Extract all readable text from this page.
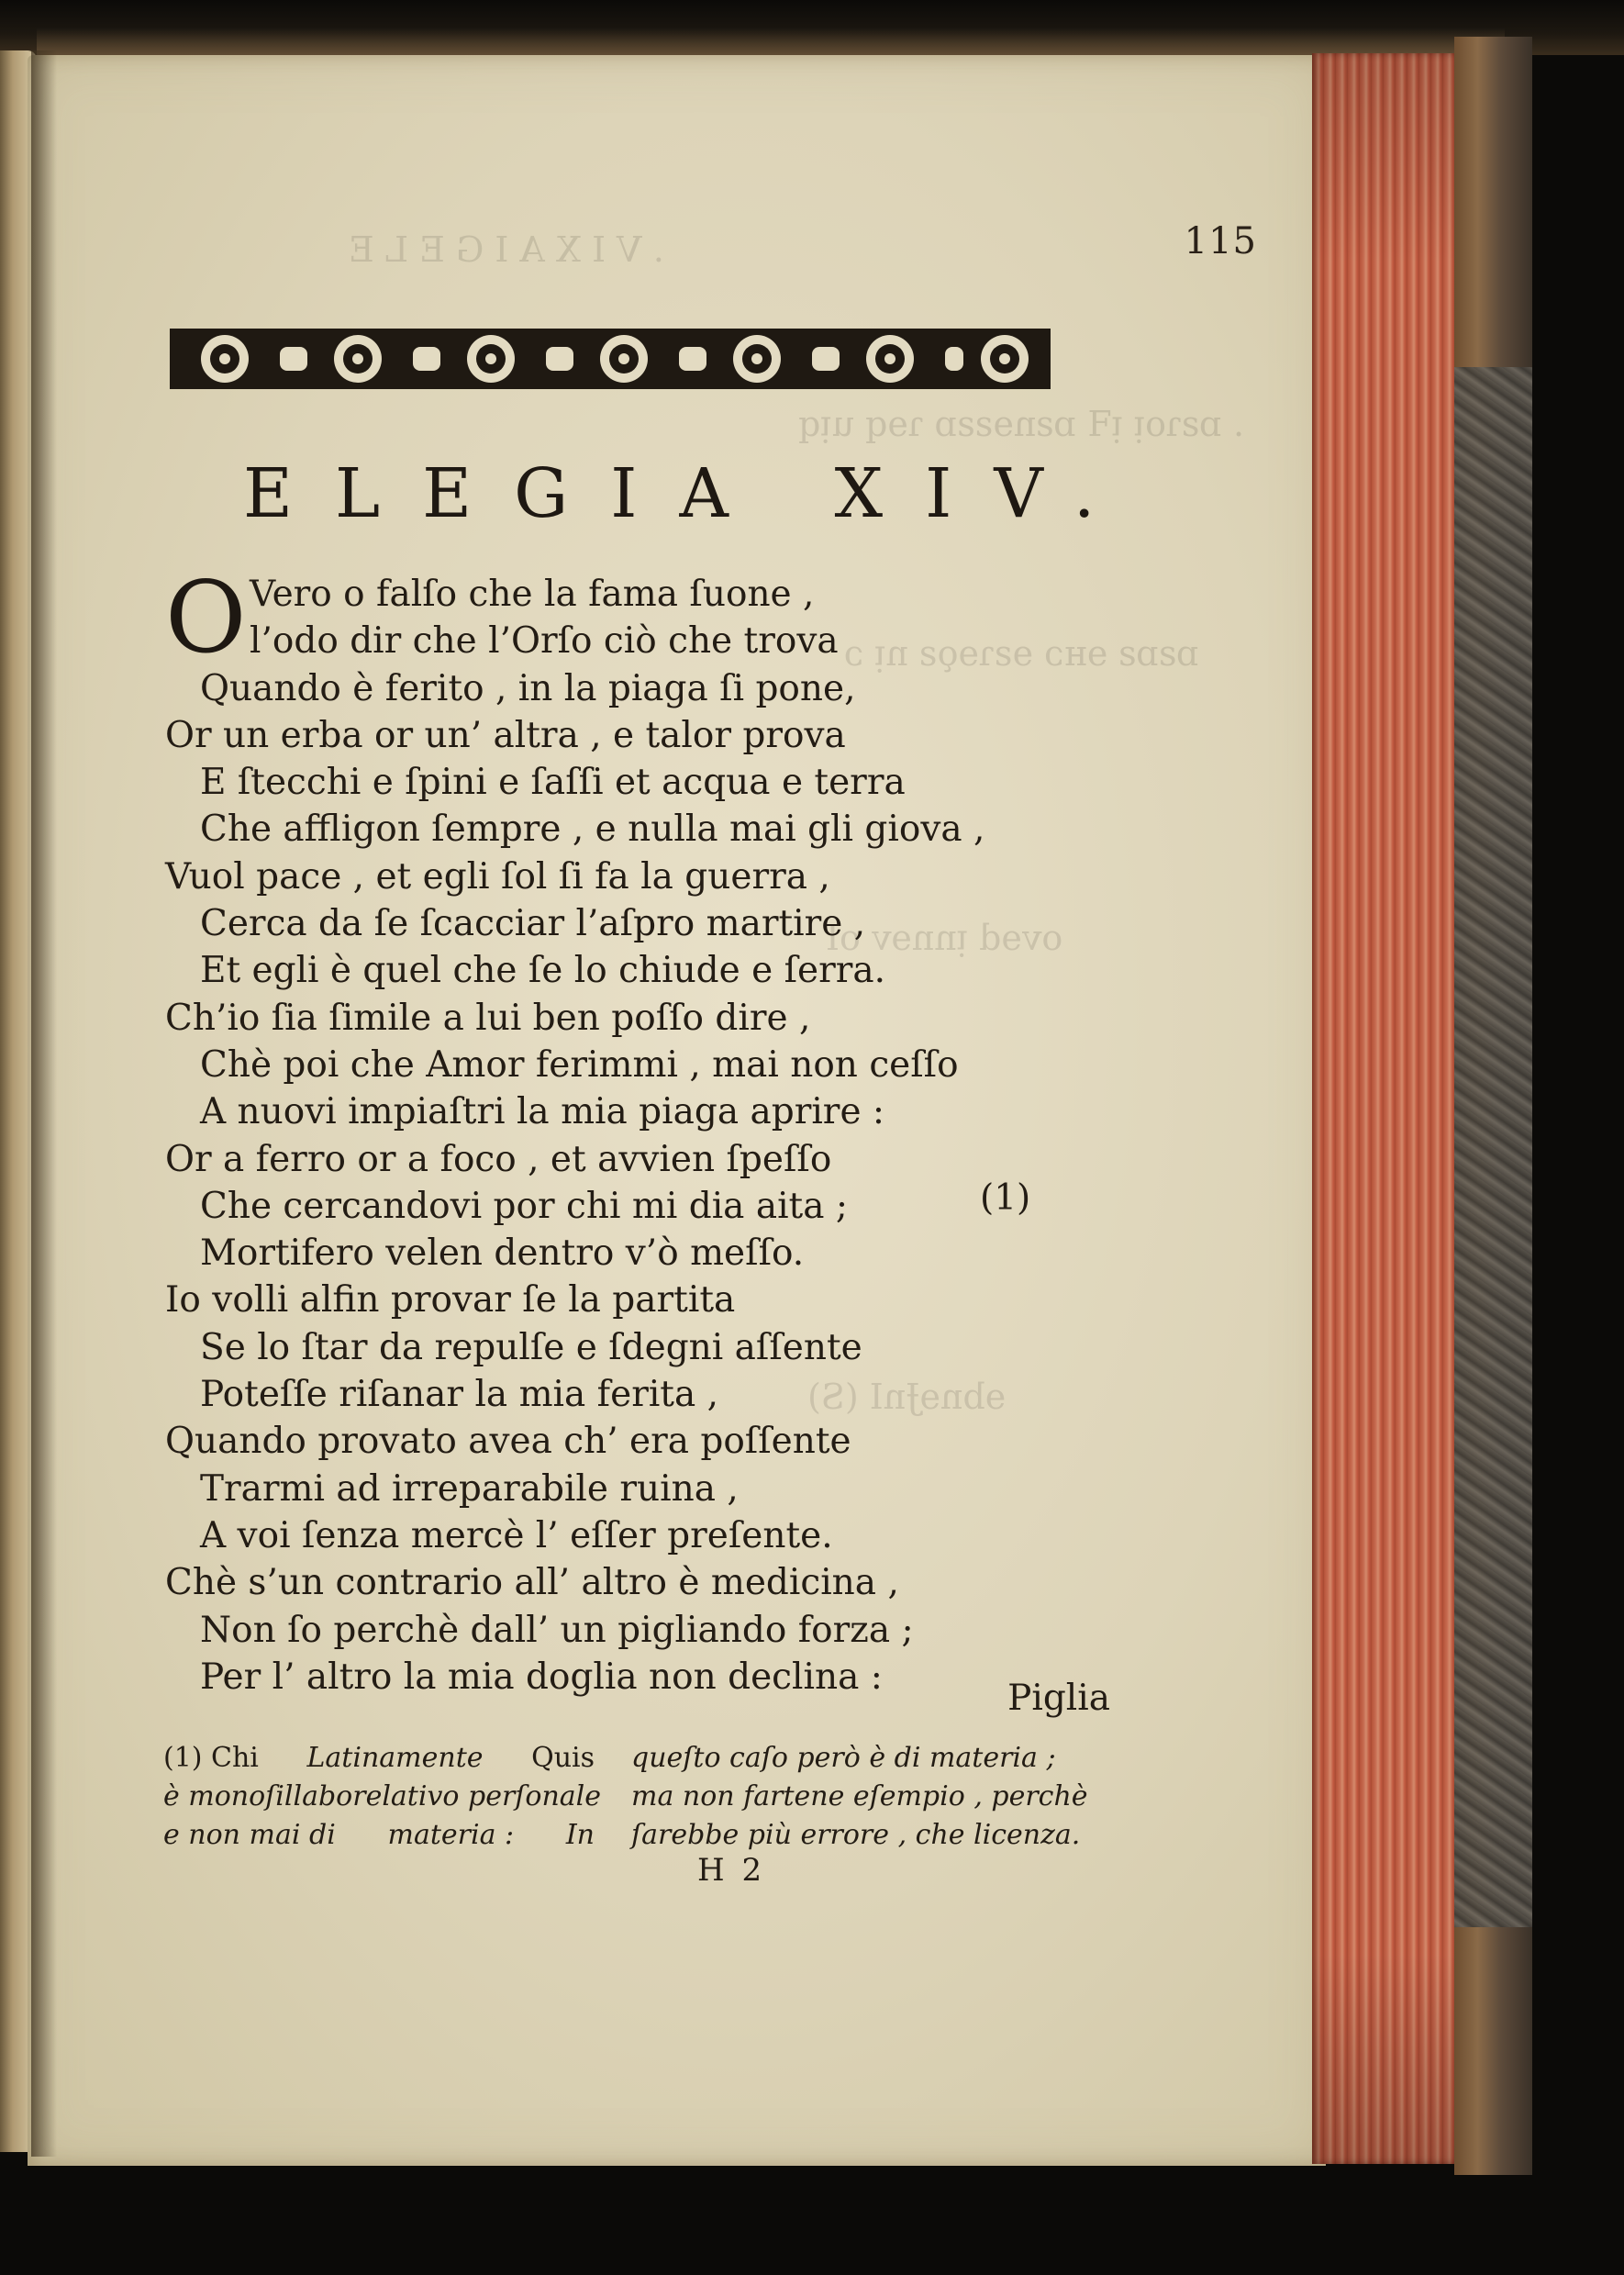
. V I X A I G E L E
. ɒƨɿoᴉ ᴉꟻ ɒƨnɘƨƨɒ ɿɘq uᴉq
ɒƨɒƨ ɘʜɔ ɘƨɿɘǫƨ nᴉ ɔ
ovɘd ᴉnnɘv oI
ɘbnɘɈnI (S)
115
ELEGIA XIV.
O Vero o falſo che la fama ſuone ,
l’odo dir che l’Orſo ciò che trova
Quando è ferito , in la piaga ſi pone,
Or un erba or un’ altra , e talor prova
E ſtecchi e ſpini e ſaſſi et acqua e terra
Che affligon ſempre , e nulla mai gli giova ,
Vuol pace , et egli ſol ſi fa la guerra ,
Cerca da ſe ſcacciar l’aſpro martire ,
Et egli è quel che ſe lo chiude e ſerra.
Ch’io ſia ſimile a lui ben poſſo dire ,
Chè poi che Amor ferimmi , mai non ceſſo
A nuovi impiaſtri la mia piaga aprire :
Or a ferro or a foco , et avvien ſpeſſo
Che cercandovi por chi mi dia aita ;
Mortifero velen dentro v’ò meſſo.
Io volli alfin provar ſe la partita
Se lo ſtar da repulſe e ſdegni aſſente
Poteſſe riſanar la mia ferita ,
Quando provato avea ch’ era poſſente
Trarmi ad irreparabile ruina ,
A voi ſenza mercè l’ eſſer preſente.
Chè s’un contrario all’ altro è medicina ,
Non ſo perchè dall’ un pigliando forza ;
Per l’ altro la mia doglia non declina :
(1)
Piglia
(1) Chi Latinamente Quis
è monoſillabo relativo perſonale
e non mai di materia : In
queſto caſo però è di materia ;
ma non fartene eſempio , perchè
ſarebbe più errore , che licenza.
H 2
